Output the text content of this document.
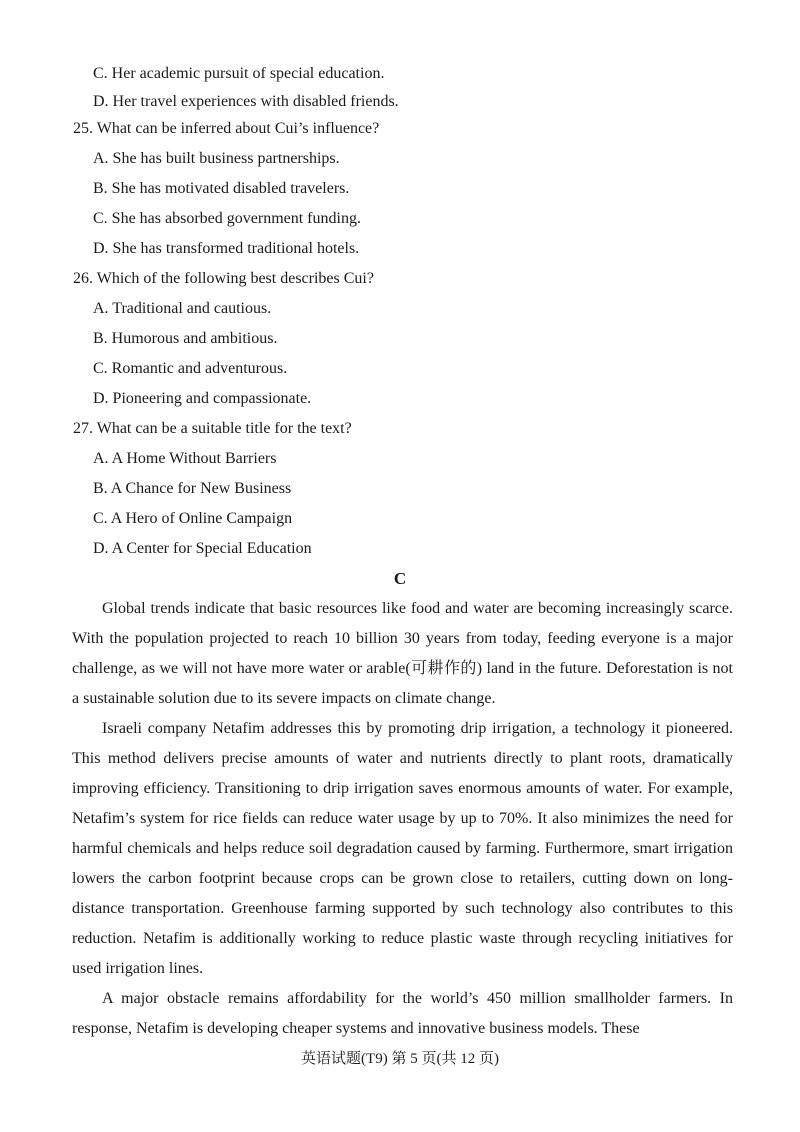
C. Her academic pursuit of special education.
D. Her travel experiences with disabled friends.
25. What can be inferred about Cui’s influence?
A. She has built business partnerships.
B. She has motivated disabled travelers.
C. She has absorbed government funding.
D. She has transformed traditional hotels.
26. Which of the following best describes Cui?
A. Traditional and cautious.
B. Humorous and ambitious.
C. Romantic and adventurous.
D. Pioneering and compassionate.
27. What can be a suitable title for the text?
A. A Home Without Barriers
B. A Chance for New Business
C. A Hero of Online Campaign
D. A Center for Special Education
C

Global trends indicate that basic resources like food and water are becoming increasingly scarce. With the population projected to reach 10 billion 30 years from today, feeding everyone is a major challenge, as we will not have more water or arable(可耕作的) land in the future. Deforestation is not a sustainable solution due to its severe impacts on climate change.

Israeli company Netafim addresses this by promoting drip irrigation, a technology it pioneered. This method delivers precise amounts of water and nutrients directly to plant roots, dramatically improving efficiency. Transitioning to drip irrigation saves enormous amounts of water. For example, Netafim’s system for rice fields can reduce water usage by up to 70%. It also minimizes the need for harmful chemicals and helps reduce soil degradation caused by farming. Furthermore, smart irrigation lowers the carbon footprint because crops can be grown close to retailers, cutting down on long-distance transportation. Greenhouse farming supported by such technology also contributes to this reduction. Netafim is additionally working to reduce plastic waste through recycling initiatives for used irrigation lines.

A major obstacle remains affordability for the world’s 450 million smallholder farmers. In response, Netafim is developing cheaper systems and innovative business models. These

英语试题(T9) 第 5 页(共 12 页)
